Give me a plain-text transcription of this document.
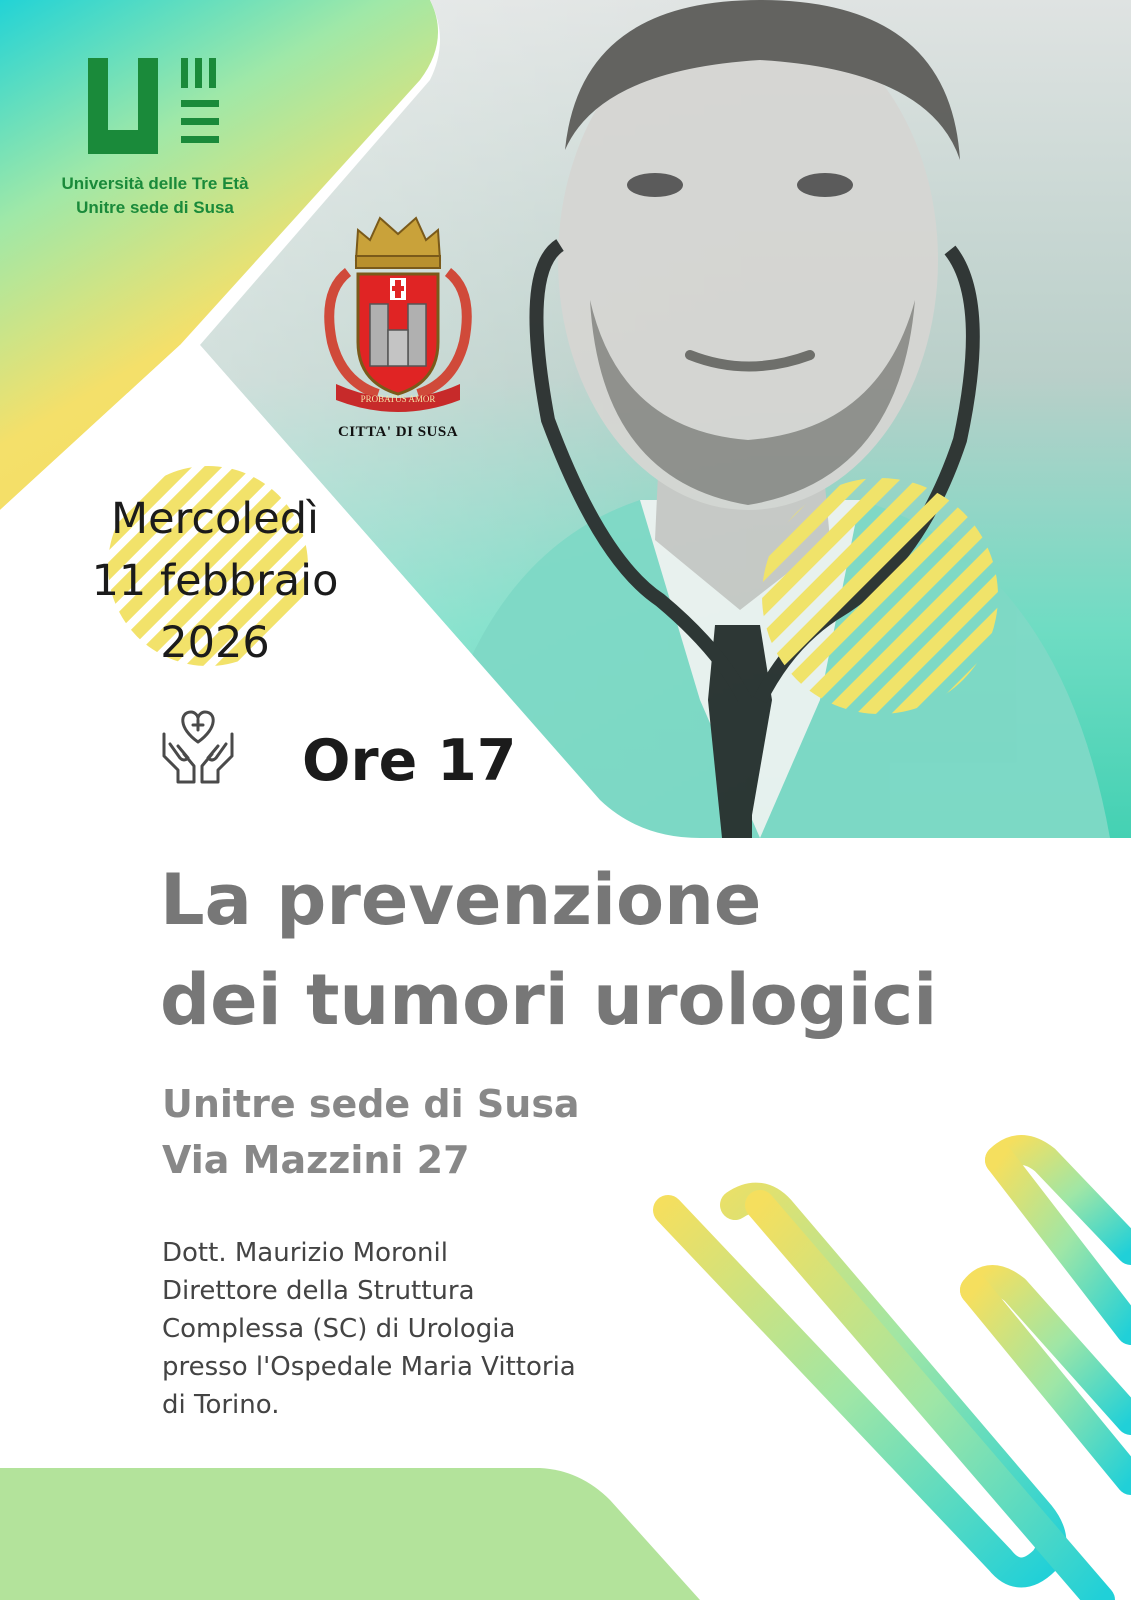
Università delle Tre Età
Unitre sede di Susa
PROBATUS AMOR
CITTA' DI SUSA
Mercoledì
11 febbraio
2026
Ore 17
La prevenzione
dei tumori urologici
Unitre sede di Susa
Via Mazzini 27
Dott. Maurizio Moronil
Direttore della Struttura
Complessa (SC) di Urologia
presso l'Ospedale Maria Vittoria
di Torino.
